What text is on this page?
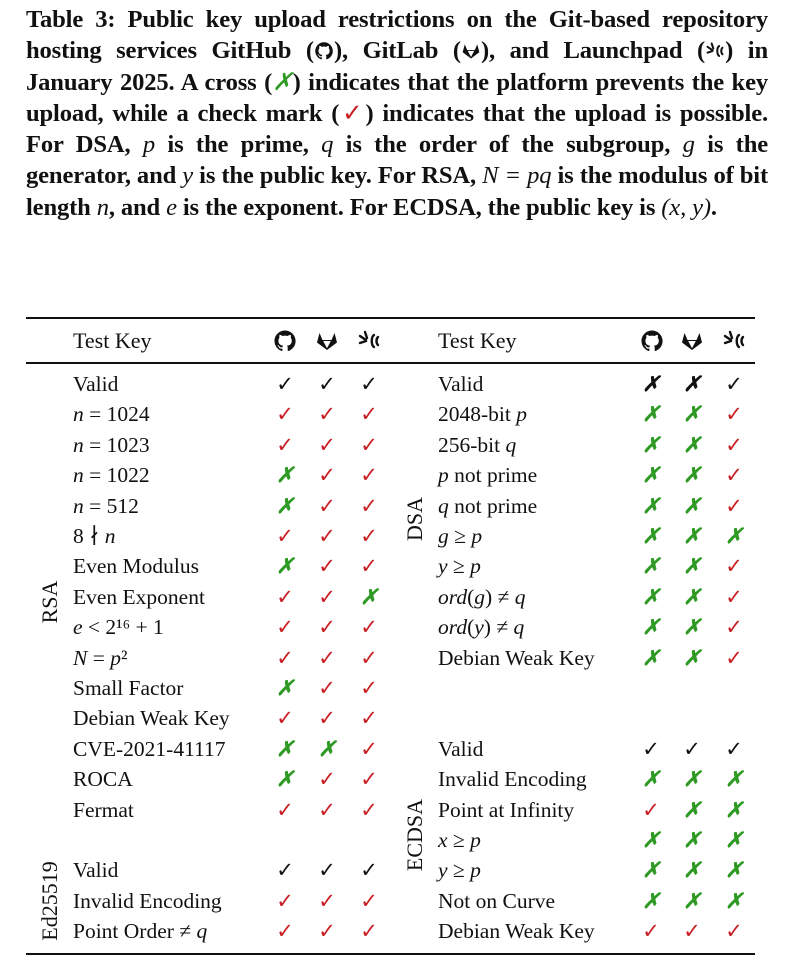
Table 3: Public key upload restrictions on the Git-based repository hosting services GitHub ( ), GitLab ( ), and Launchpad ( ) in January 2025. A cross (✗) indicates that the platform prevents the key upload, while a check mark (✓) indicates that the upload is possible. For DSA, p is the prime, q is the order of the subgroup, g is the generator, and y is the public key. For RSA, N = pq is the modulus of bit length n, and e is the exponent. For ECDSA, the public key is (x, y).
Test Key	Test Key
RSA
Ed25519
DSA
ECDSA
Valid	✓ ✓ ✓
n = 1024	✓ ✓ ✓
n = 1023	✓ ✓ ✓
n = 1022	✗ ✓ ✓
n = 512	✗ ✓ ✓
8 ∤ n	✓ ✓ ✓
Even Modulus	✗ ✓ ✓
Even Exponent	✓ ✓ ✗
e < 2¹⁶ + 1	✓ ✓ ✓
N = p²	✓ ✓ ✓
Small Factor	✗ ✓ ✓
Debian Weak Key ✓ ✓ ✓
CVE-2021-41117 ✗ ✗ ✓
ROCA	✗ ✓ ✓
Fermat	✓ ✓ ✓
Valid	✓ ✓ ✓
Invalid Encoding	✓ ✓ ✓
Point Order ≠ q	✓ ✓ ✓
Valid	✗ ✗ ✓
2048-bit p	✗ ✗ ✓
256-bit q	✗ ✗ ✓
p not prime	✗ ✗ ✓
q not prime	✗ ✗ ✓
g ≥ p	✗ ✗ ✗
y ≥ p	✗ ✗ ✓
ord(g) ≠ q	✗ ✗ ✓
ord(y) ≠ q	✗ ✗ ✓
Debian Weak Key ✗ ✗ ✓
Valid	✓ ✓ ✓
Invalid Encoding	✗ ✗ ✗
Point at Infinity	✓ ✗ ✗
x ≥ p	✗ ✗ ✗
y ≥ p	✗ ✗ ✗
Not on Curve	✗ ✗ ✗
Debian Weak Key ✓ ✓ ✓
